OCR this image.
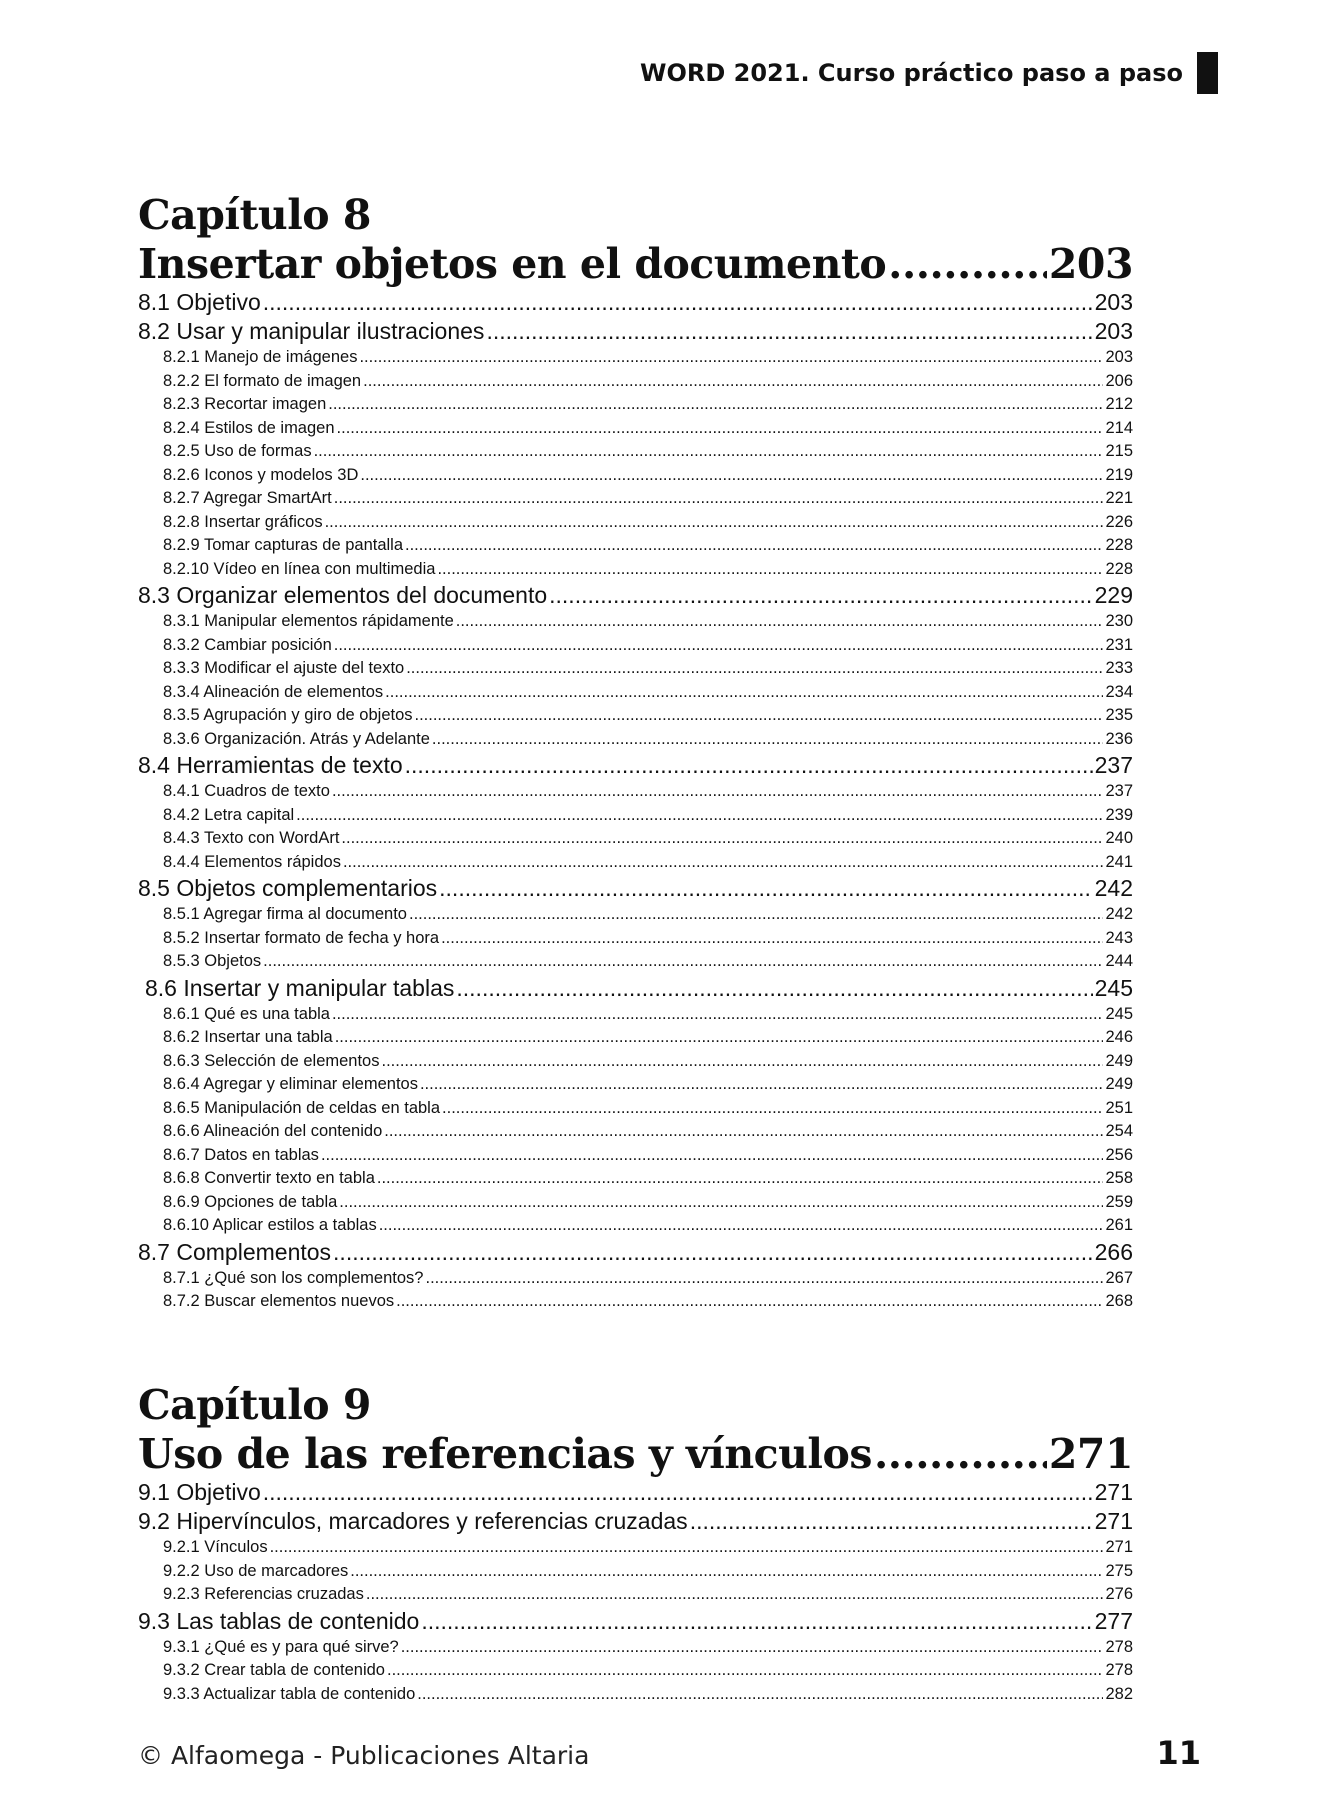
WORD 2021. Curso práctico paso a paso
Capítulo 8
Insertar objetos en el documento .....	203
8.1 Objetivo .....	203
8.2 Usar y manipular ilustraciones .....	203
8.2.1 Manejo de imágenes .....	203
8.2.2 El formato de imagen .....	206
8.2.3 Recortar imagen .....	212
8.2.4 Estilos de imagen .....	214
8.2.5 Uso de formas .....	215
8.2.6 Iconos y modelos 3D .....	219
8.2.7 Agregar SmartArt .....	221
8.2.8 Insertar gráficos .....	226
8.2.9 Tomar capturas de pantalla .....	228
8.2.10 Vídeo en línea con multimedia .....	228
8.3 Organizar elementos del documento .....	229
8.3.1 Manipular elementos rápidamente .....	230
8.3.2 Cambiar posición .....	231
8.3.3 Modificar el ajuste del texto .....	233
8.3.4 Alineación de elementos .....	234
8.3.5 Agrupación y giro de objetos .....	235
8.3.6 Organización. Atrás y Adelante .....	236
8.4 Herramientas de texto .....	237
8.4.1 Cuadros de texto .....	237
8.4.2 Letra capital .....	239
8.4.3 Texto con WordArt .....	240
8.4.4 Elementos rápidos .....	241
8.5 Objetos complementarios .....	242
8.5.1 Agregar firma al documento .....	242
8.5.2 Insertar formato de fecha y hora .....	243
8.5.3 Objetos .....	244
8.6 Insertar y manipular tablas .....	245
8.6.1 Qué es una tabla .....	245
8.6.2 Insertar una tabla .....	246
8.6.3 Selección de elementos .....	249
8.6.4 Agregar y eliminar elementos .....	249
8.6.5 Manipulación de celdas en tabla .....	251
8.6.6 Alineación del contenido .....	254
8.6.7 Datos en tablas .....	256
8.6.8 Convertir texto en tabla .....	258
8.6.9 Opciones de tabla .....	259
8.6.10 Aplicar estilos a tablas .....	261
8.7 Complementos .....	266
8.7.1 ¿Qué son los complementos? .....	267
8.7.2 Buscar elementos nuevos .....	268
Capítulo 9
Uso de las referencias y vínculos .....	271
9.1 Objetivo .....	271
9.2 Hipervínculos, marcadores y referencias cruzadas .....	271
9.2.1 Vínculos .....	271
9.2.2 Uso de marcadores .....	275
9.2.3 Referencias cruzadas .....	276
9.3 Las tablas de contenido .....	277
9.3.1 ¿Qué es y para qué sirve? .....	278
9.3.2 Crear tabla de contenido .....	278
9.3.3 Actualizar tabla de contenido .....	282
© Alfaomega - Publicaciones Altaria	11
